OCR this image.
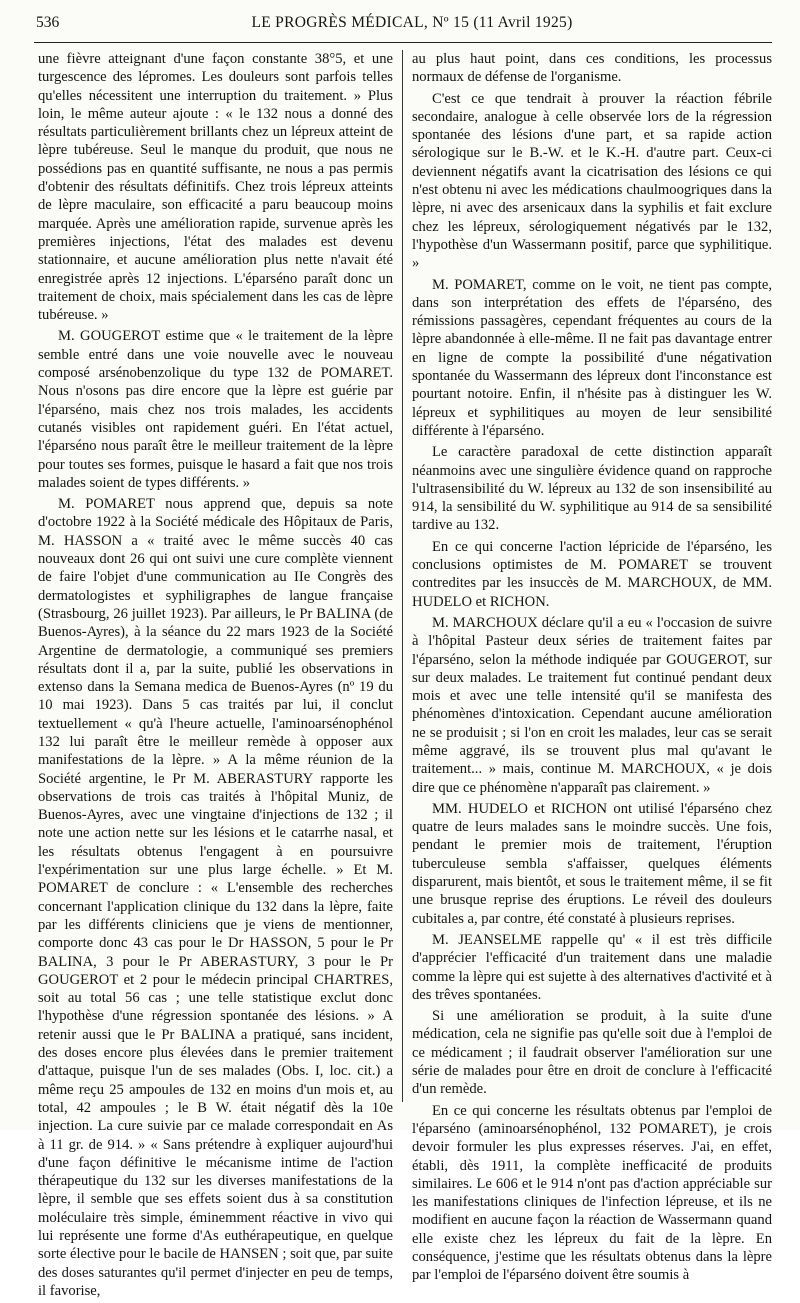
536	LE PROGRÈS MÉDICAL, Nº 15 (11 Avril 1925)

une fièvre atteignant d'une façon constante 38°5, et une turgescence des lépromes. Les douleurs sont parfois telles qu'elles nécessitent une interruption du traitement. » Plus loin, le même auteur ajoute : « le 132 nous a donné des résultats particulièrement brillants chez un lépreux atteint de lèpre tubéreuse. Seul le manque du produit, que nous ne possédions pas en quantité suffisante, ne nous a pas permis d'obtenir des résultats définitifs. Chez trois lépreux atteints de lèpre maculaire, son efficacité a paru beaucoup moins marquée. Après une amélioration rapide, survenue après les premières injections, l'état des malades est devenu stationnaire, et aucune amélioration plus nette n'avait été enregistrée après 12 injections. L'éparséno paraît donc un traitement de choix, mais spécialement dans les cas de lèpre tubéreuse. »

M. GOUGEROT estime que « le traitement de la lèpre semble entré dans une voie nouvelle avec le nouveau composé arsénobenzolique du type 132 de POMARET. Nous n'osons pas dire encore que la lèpre est guérie par l'éparséno, mais chez nos trois malades, les accidents cutanés visibles ont rapidement guéri. En l'état actuel, l'éparséno nous paraît être le meilleur traitement de la lèpre pour toutes ses formes, puisque le hasard a fait que nos trois malades soient de types différents. »

M. POMARET nous apprend que, depuis sa note d'octobre 1922 à la Société médicale des Hôpitaux de Paris, M. HASSON a « traité avec le même succès 40 cas nouveaux dont 26 qui ont suivi une cure complète viennent de faire l'objet d'une communication au IIe Congrès des dermatologistes et syphiligraphes de langue française (Strasbourg, 26 juillet 1923). Par ailleurs, le Pr BALINA (de Buenos-Ayres), à la séance du 22 mars 1923 de la Société Argentine de dermatologie, a communiqué ses premiers résultats dont il a, par la suite, publié les observations in extenso dans la Semana medica de Buenos-Ayres (nº 19 du 10 mai 1923). Dans 5 cas traités par lui, il conclut textuellement « qu'à l'heure actuelle, l'aminoarsénophénol 132 lui paraît être le meilleur remède à opposer aux manifestations de la lèpre. » A la même réunion de la Société argentine, le Pr M. ABERASTURY rapporte les observations de trois cas traités à l'hôpital Muniz, de Buenos-Ayres, avec une vingtaine d'injections de 132 ; il note une action nette sur les lésions et le catarrhe nasal, et les résultats obtenus l'engagent à en poursuivre l'expérimentation sur une plus large échelle. » Et M. POMARET de conclure : « L'ensemble des recherches concernant l'application clinique du 132 dans la lèpre, faite par les différents cliniciens que je viens de mentionner, comporte donc 43 cas pour le Dr HASSON, 5 pour le Pr BALINA, 3 pour le Pr ABERASTURY, 3 pour le Pr GOUGEROT et 2 pour le médecin principal CHARTRES, soit au total 56 cas ; une telle statistique exclut donc l'hypothèse d'une régression spontanée des lésions. » A retenir aussi que le Pr BALINA a pratiqué, sans incident, des doses encore plus élevées dans le premier traitement d'attaque, puisque l'un de ses malades (Obs. I, loc. cit.) a même reçu 25 ampoules de 132 en moins d'un mois et, au total, 42 ampoules ; le B W. était négatif dès la 10e injection. La cure suivie par ce malade correspondait en As à 11 gr. de 914. » « Sans prétendre à expliquer aujourd'hui d'une façon définitive le mécanisme intime de l'action thérapeutique du 132 sur les diverses manifestations de la lèpre, il semble que ses effets soient dus à sa constitution moléculaire très simple, éminemment réactive in vivo qui lui représente une forme d'As euthérapeutique, en quelque sorte élective pour le bacile de HANSEN ; soit que, par suite des doses saturantes qu'il permet d'injecter en peu de temps, il favorise,

au plus haut point, dans ces conditions, les processus normaux de défense de l'organisme.

C'est ce que tendrait à prouver la réaction fébrile secondaire, analogue à celle observée lors de la régression spontanée des lésions d'une part, et sa rapide action sérologique sur le B.-W. et le K.-H. d'autre part. Ceux-ci deviennent négatifs avant la cicatrisation des lésions ce qui n'est obtenu ni avec les médications chaulmoogriques dans la lèpre, ni avec des arsenicaux dans la syphilis et fait exclure chez les lépreux, sérologiquement négativés par le 132, l'hypothèse d'un Wassermann positif, parce que syphilitique. »

M. POMARET, comme on le voit, ne tient pas compte, dans son interprétation des effets de l'éparséno, des rémissions passagères, cependant fréquentes au cours de la lèpre abandonnée à elle-même. Il ne fait pas davantage entrer en ligne de compte la possibilité d'une négativation spontanée du Wassermann des lépreux dont l'inconstance est pourtant notoire. Enfin, il n'hésite pas à distinguer les W. lépreux et syphilitiques au moyen de leur sensibilité différente à l'éparséno.

Le caractère paradoxal de cette distinction apparaît néanmoins avec une singulière évidence quand on rapproche l'ultrasensibilité du W. lépreux au 132 de son insensibilité au 914, la sensibilité du W. syphilitique au 914 de sa sensibilité tardive au 132.

En ce qui concerne l'action lépricide de l'éparséno, les conclusions optimistes de M. POMARET se trouvent contredites par les insuccès de M. MARCHOUX, de MM. HUDELO et RICHON.

M. MARCHOUX déclare qu'il a eu « l'occasion de suivre à l'hôpital Pasteur deux séries de traitement faites par l'éparséno, selon la méthode indiquée par GOUGEROT, sur sur deux malades. Le traitement fut continué pendant deux mois et avec une telle intensité qu'il se manifesta des phénomènes d'intoxication. Cependant aucune amélioration ne se produisit ; si l'on en croit les malades, leur cas se serait même aggravé, ils se trouvent plus mal qu'avant le traitement... » mais, continue M. MARCHOUX, « je dois dire que ce phénomène n'apparaît pas clairement. »

MM. HUDELO et RICHON ont utilisé l'éparséno chez quatre de leurs malades sans le moindre succès. Une fois, pendant le premier mois de traitement, l'éruption tuberculeuse sembla s'affaisser, quelques éléments disparurent, mais bientôt, et sous le traitement même, il se fit une brusque reprise des éruptions. Le réveil des douleurs cubitales a, par contre, été constaté à plusieurs reprises.

M. JEANSELME rappelle qu' « il est très difficile d'apprécier l'efficacité d'un traitement dans une maladie comme la lèpre qui est sujette à des alternatives d'activité et à des trêves spontanées.

Si une amélioration se produit, à la suite d'une médication, cela ne signifie pas qu'elle soit due à l'emploi de ce médicament ; il faudrait observer l'amélioration sur une série de malades pour être en droit de conclure à l'efficacité d'un remède.

En ce qui concerne les résultats obtenus par l'emploi de l'éparséno (aminoarsénophénol, 132 POMARET), je crois devoir formuler les plus expresses réserves. J'ai, en effet, établi, dès 1911, la complète inefficacité de produits similaires. Le 606 et le 914 n'ont pas d'action appréciable sur les manifestations cliniques de l'infection lépreuse, et ils ne modifient en aucune façon la réaction de Wassermann quand elle existe chez les lépreux du fait de la lèpre. En conséquence, j'estime que les résultats obtenus dans la lèpre par l'emploi de l'éparséno doivent être soumis à
